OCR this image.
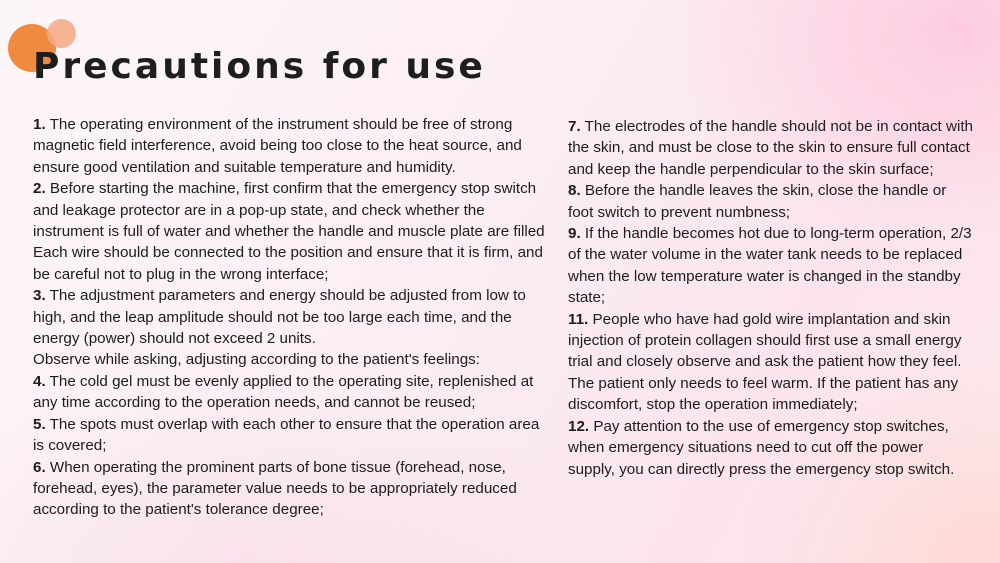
Precautions for use

1. The operating environment of the instrument should be free of strong magnetic field interference, avoid being too close to the heat source, and ensure good ventilation and suitable temperature and humidity.

2. Before starting the machine, first confirm that the emergency stop switch and leakage protector are in a pop-up state, and check whether the instrument is full of water and whether the handle and muscle plate are filled

Each wire should be connected to the position and ensure that it is firm, and be careful not to plug in the wrong interface;

3. The adjustment parameters and energy should be adjusted from low to high, and the leap amplitude should not be too large each time, and the energy (power) should not exceed 2 units.

Observe while asking, adjusting according to the patient's feelings:

4. The cold gel must be evenly applied to the operating site, replenished at any time according to the operation needs, and cannot be reused;

5. The spots must overlap with each other to ensure that the operation area is covered;

6. When operating the prominent parts of bone tissue (forehead, nose, forehead, eyes), the parameter value needs to be appropriately reduced according to the patient's tolerance degree;

7. The electrodes of the handle should not be in contact with the skin, and must be close to the skin to ensure full contact and keep the handle perpendicular to the skin surface;

8. Before the handle leaves the skin, close the handle or foot switch to prevent numbness;

9. If the handle becomes hot due to long-term operation, 2/3 of the water volume in the water tank needs to be replaced when the low temperature water is changed in the standby state;

11. People who have had gold wire implantation and skin injection of protein collagen should first use a small energy trial and closely observe and ask the patient how they feel.

The patient only needs to feel warm. If the patient has any discomfort, stop the operation immediately;

12. Pay attention to the use of emergency stop switches, when emergency situations need to cut off the power supply, you can directly press the emergency stop switch.
